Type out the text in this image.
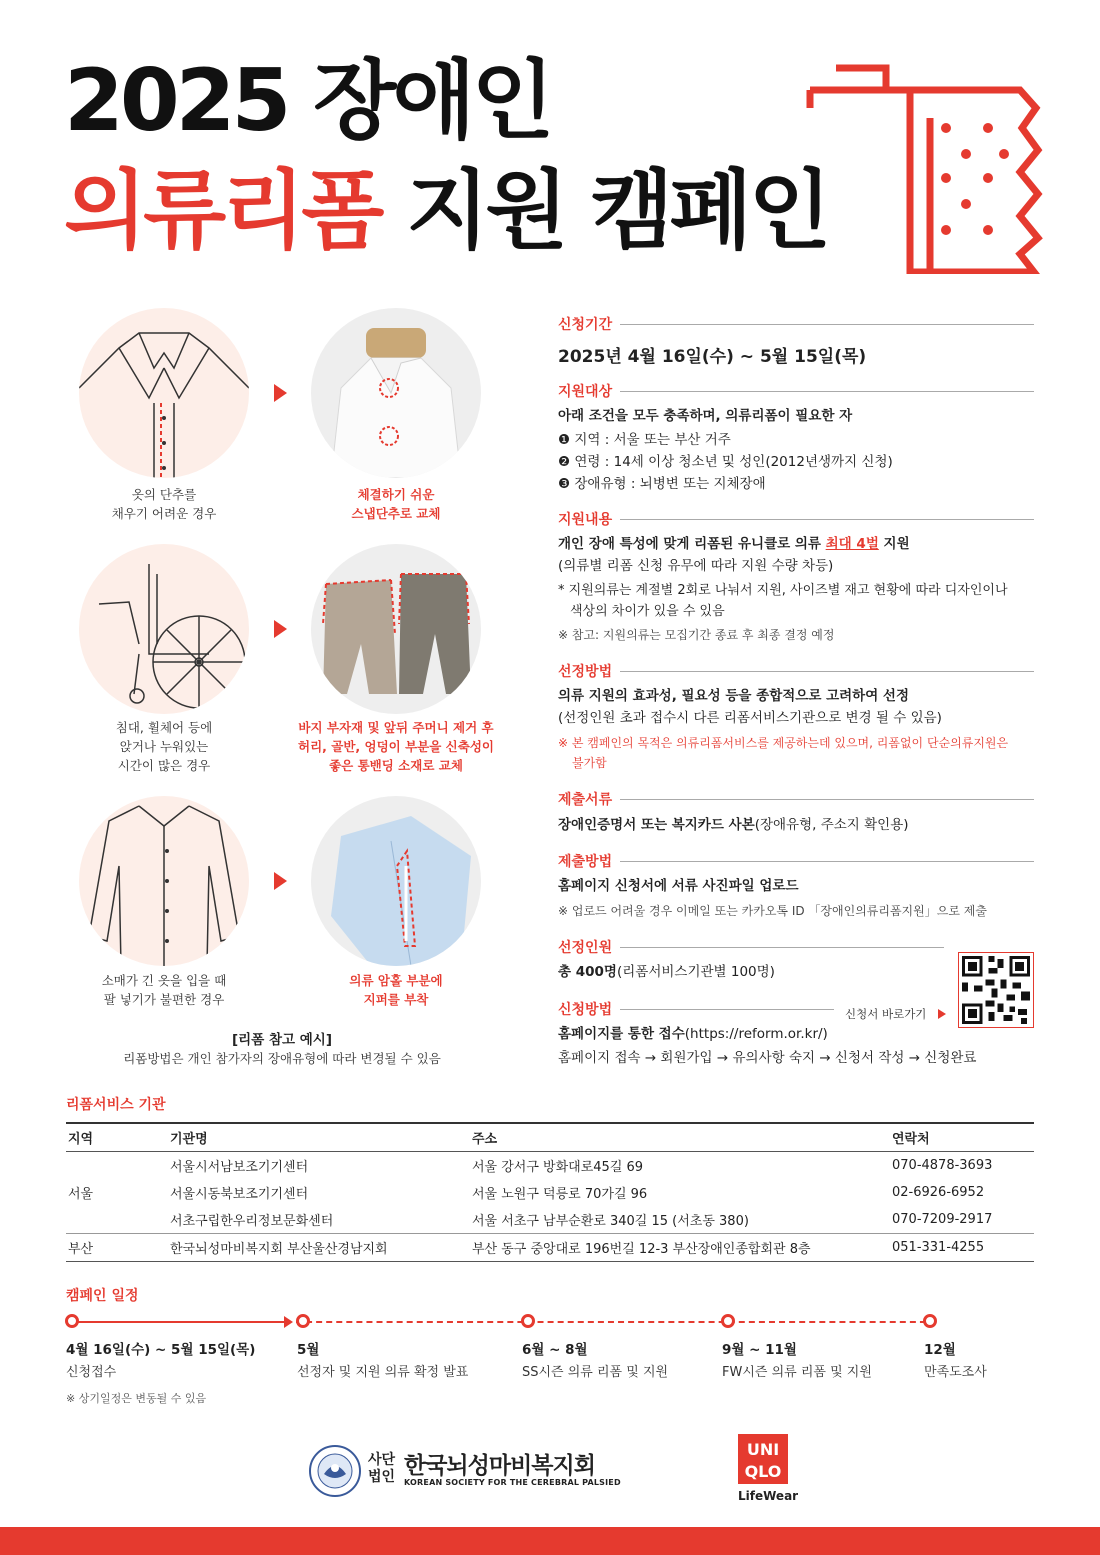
2025 장애인
의류리폼 지원 캠페인
옷의 단추를
채우기 어려운 경우
체결하기 쉬운
스냅단추로 교체
침대, 휠체어 등에
앉거나 누워있는
시간이 많은 경우
바지 부자재 및 앞뒤 주머니 제거 후
허리, 골반, 엉덩이 부분을 신축성이
좋은 통밴딩 소재로 교체
소매가 긴 옷을 입을 때
팔 넣기가 불편한 경우
의류 암홀 부분에
지퍼를 부착
[리폼 참고 예시]
리폼방법은 개인 참가자의 장애유형에 따라 변경될 수 있음
신청기간
2025년 4월 16일(수) ~ 5월 15일(목)
지원대상
아래 조건을 모두 충족하며, 의류리폼이 필요한 자
❶ 지역 : 서울 또는 부산 거주
❷ 연령 : 14세 이상 청소년 및 성인(2012년생까지 신청)
❸ 장애유형 : 뇌병변 또는 지체장애
지원내용
개인 장애 특성에 맞게 리폼된 유니클로 의류 최대 4벌 지원
(의류별 리폼 신청 유무에 따라 지원 수량 차등)
* 지원의류는 계절별 2회로 나눠서 지원, 사이즈별 재고 현황에 따라 디자인이나
색상의 차이가 있을 수 있음
※ 참고: 지원의류는 모집기간 종료 후 최종 결정 예정
선정방법
의류 지원의 효과성, 필요성 등을 종합적으로 고려하여 선정
(선정인원 초과 접수시 다른 리폼서비스기관으로 변경 될 수 있음)
※ 본 캠페인의 목적은 의류리폼서비스를 제공하는데 있으며, 리폼없이 단순의류지원은
불가함
제출서류
장애인증명서 또는 복지카드 사본(장애유형, 주소지 확인용)
제출방법
홈페이지 신청서에 서류 사진파일 업로드
※ 업로드 어려울 경우 이메일 또는 카카오톡 ID 「장애인의류리폼지원」으로 제출
선정인원
총 400명(리폼서비스기관별 100명)
신청방법	신청서 바로가기
홈페이지를 통한 접수(https://reform.or.kr/)
홈페이지 접속 → 회원가입 → 유의사항 숙지 → 신청서 작성 → 신청완료
리폼서비스 기관
지역	기관명	주소	연락처
서울	서울시서남보조기기센터	서울 강서구 방화대로45길 69	070-4878-3693
	서울시동북보조기기센터	서울 노원구 덕릉로 70가길 96	02-6926-6952
	서초구립한우리정보문화센터	서울 서초구 남부순환로 340길 15 (서초동 380)	070-7209-2917
부산	한국뇌성마비복지회 부산울산경남지회	부산 동구 중앙대로 196번길 12-3 부산장애인종합회관 8층	051-331-4255
캠페인 일정
4월 16일(수) ~ 5월 15일(목)
신청접수
5월
선정자 및 지원 의류 확정 발표
6월 ~ 8월
SS시즌 의류 리폼 및 지원
9월 ~ 11월
FW시즌 의류 리폼 및 지원
12월
만족도조사
※ 상기일정은 변동될 수 있음
사단
법인 한국뇌성마비복지회
KOREAN SOCIETY FOR THE CEREBRAL PALSIED
UNI
QLO
LifeWear
